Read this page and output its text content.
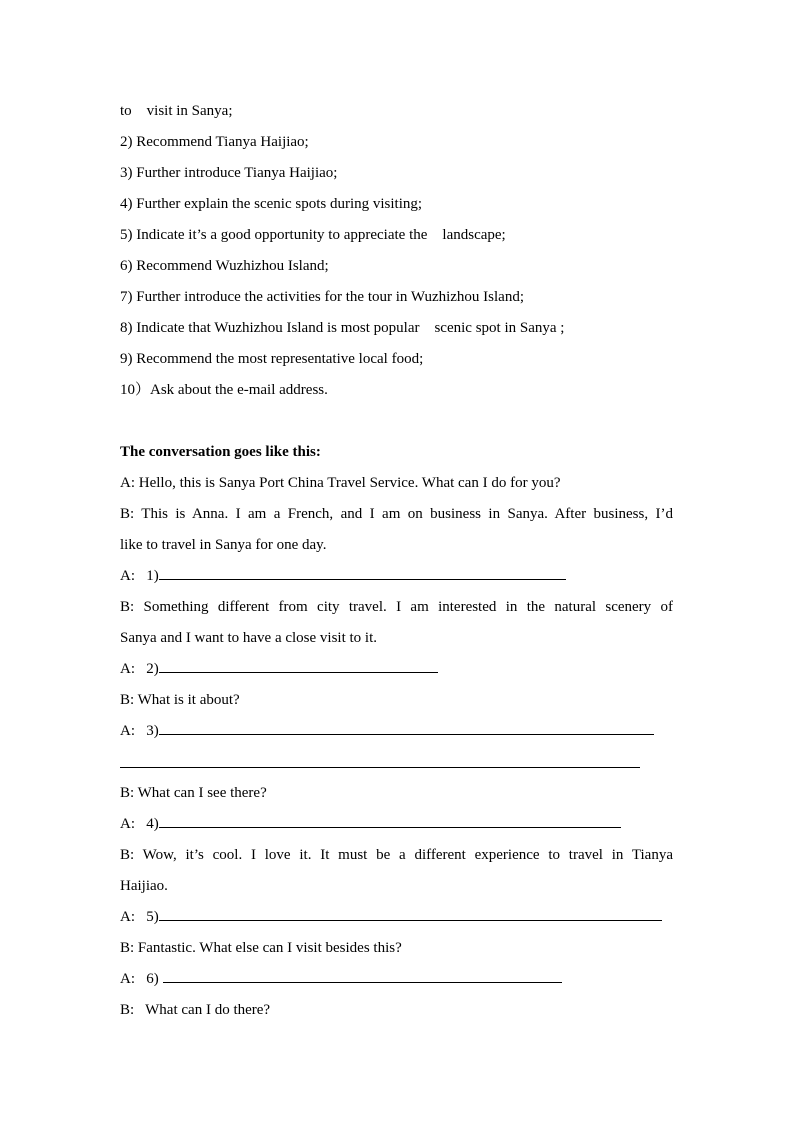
to    visit in Sanya;
2) Recommend Tianya Haijiao;
3) Further introduce Tianya Haijiao;
4) Further explain the scenic spots during visiting;
5) Indicate it’s a good opportunity to appreciate the    landscape;
6) Recommend Wuzhizhou Island;
7) Further introduce the activities for the tour in Wuzhizhou Island;
8) Indicate that Wuzhizhou Island is most popular    scenic spot in Sanya ;
9) Recommend the most representative local food;
10）Ask about the e-mail address.
The conversation goes like this:
A: Hello, this is Sanya Port China Travel Service. What can I do for you?
B: This is Anna. I am a French, and I am on business in Sanya. After business, I’d
like to travel in Sanya for one day.
A:   1)
B: Something different from city travel. I am interested in the natural scenery of
Sanya and I want to have a close visit to it.
A:   2)
B: What is it about?
A:   3)
B: What can I see there?
A:   4)
B: Wow, it’s cool. I love it. It must be a different experience to travel in Tianya
Haijiao.
A:   5)
B: Fantastic. What else can I visit besides this?
A:   6)
B:   What can I do there?
